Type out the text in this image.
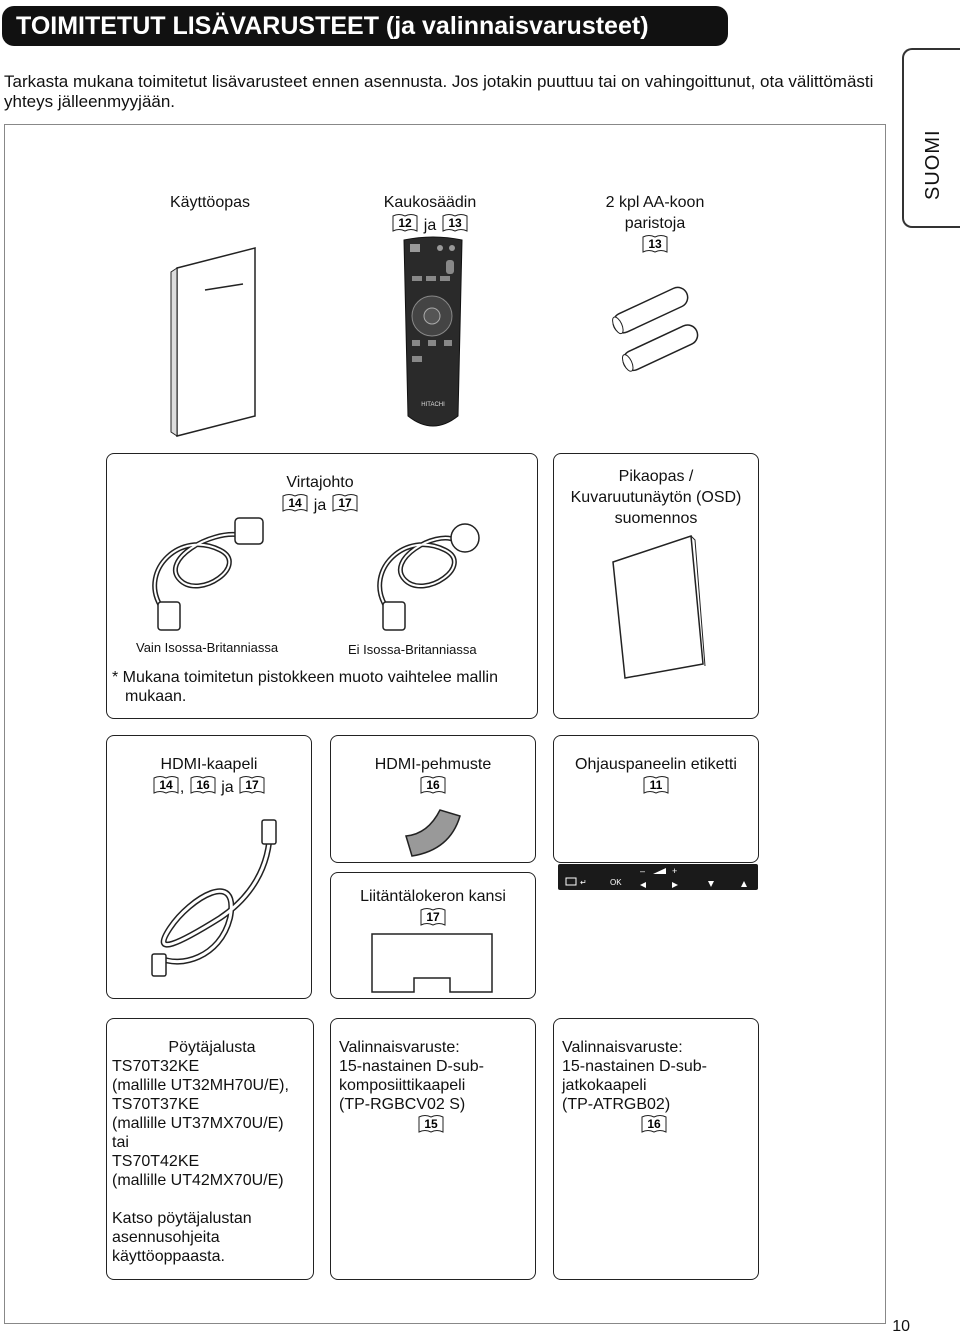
TOIMITETUT LISÄVARUSTEET (ja valinnaisvarusteet)
Tarkasta mukana toimitetut lisävarusteet ennen asennusta. Jos jotakin puuttuu tai on vahingoittunut, ota välittömästi yhteys jälleenmyyjään.
SUOMI
Käyttöopas	Kaukosäädin
12 ja 13
HITACHI
2 kpl AA-koon
paristoja
13
Virtajohto
14 ja 17
Vain Isossa-Britanniassa	Ei Isossa-Britanniassa
* Mukana toimitetun pistokkeen muoto vaihtelee mallin
mukaan.
Pikaopas /
Kuvaruutunäytön (OSD)
suomennos
HDMI-kaapeli
14 , 16 ja 17
HDMI-pehmuste
16
Ohjauspaneelin etiketti
11
↵	OK
–	+
Liitäntälokeron kansi
17
Pöytäjalusta
TS70T32KE
(mallille UT32MH70U/E),
TS70T37KE
(mallille UT37MX70U/E)
tai
TS70T42KE
(mallille UT42MX70U/E)
Katso pöytäjalustan
asennusohjeita
käyttöoppaasta.
Valinnaisvaruste:
15-nastainen D-sub-
komposiittikaapeli
(TP-RGBCV02 S)
15
Valinnaisvaruste:
15-nastainen D-sub-
jatkokaapeli
(TP-ATRGB02)
16
10
